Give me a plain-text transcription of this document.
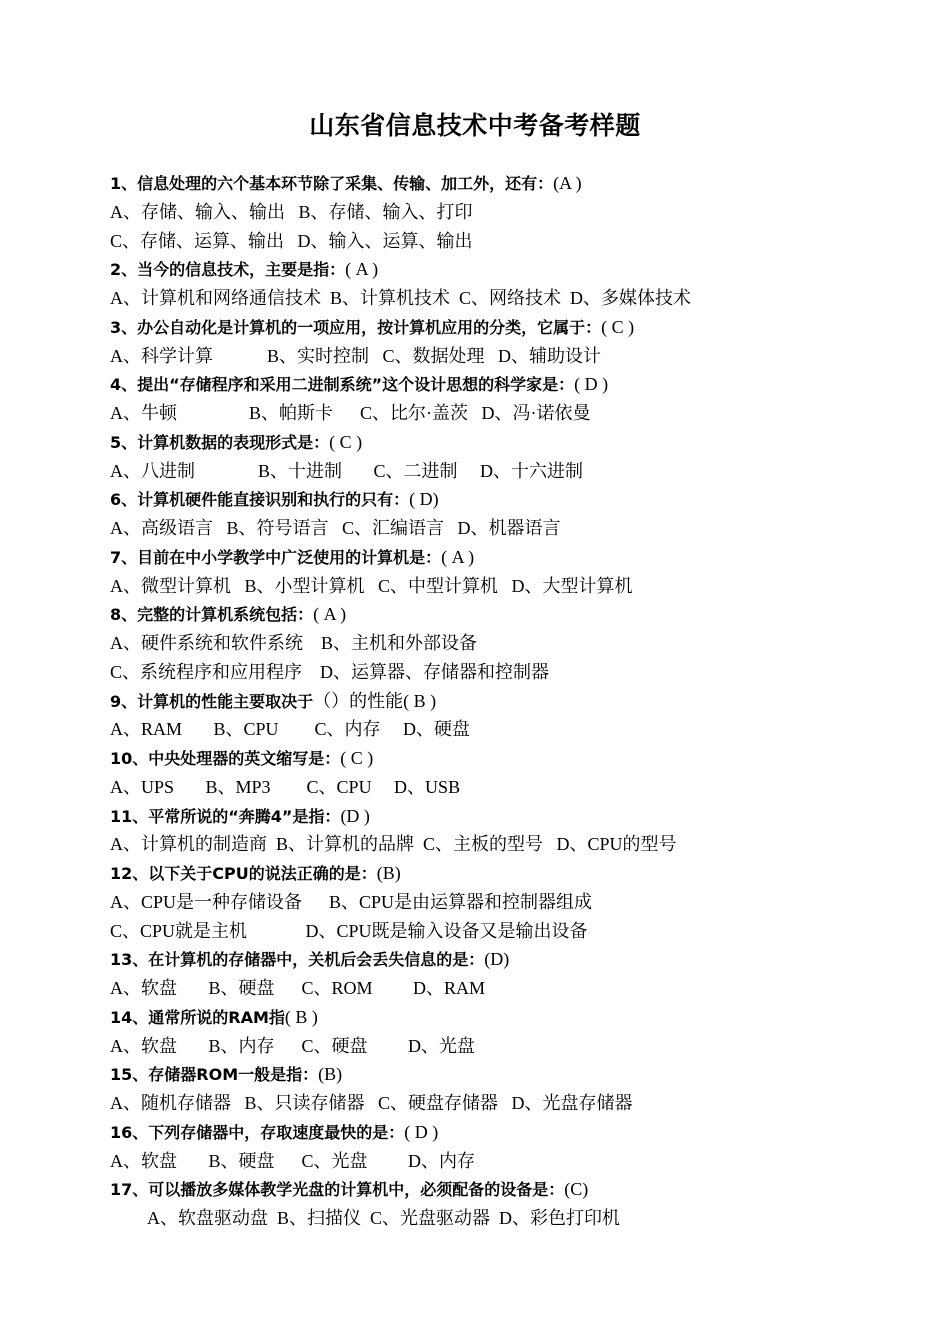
山东省信息技术中考备考样题
1、信息处理的六个基本环节除了采集、传输、加工外，还有：(A )
A、存储、输入、输出   B、存储、输入、打印
C、存储、运算、输出   D、输入、运算、输出
2、当今的信息技术，主要是指：( A )
A、计算机和网络通信技术  B、计算机技术  C、网络技术  D、多媒体技术
3、办公自动化是计算机的一项应用，按计算机应用的分类，它属于：( C )
A、科学计算            B、实时控制   C、数据处理   D、辅助设计
4、提出“存储程序和采用二进制系统”这个设计思想的科学家是：( D )
A、牛顿                B、帕斯卡      C、比尔·盖茨   D、冯·诺依曼
5、计算机数据的表现形式是：( C )
A、八进制              B、十进制       C、二进制     D、十六进制
6、计算机硬件能直接识别和执行的只有：( D)
A、高级语言   B、符号语言   C、汇编语言   D、机器语言
7、目前在中小学教学中广泛使用的计算机是：( A )
A、微型计算机   B、小型计算机   C、中型计算机   D、大型计算机
8、完整的计算机系统包括：( A )
A、硬件系统和软件系统    B、主机和外部设备
C、系统程序和应用程序    D、运算器、存储器和控制器
9、计算机的性能主要取决于（）的性能( B )
A、RAM       B、CPU        C、内存     D、硬盘
10、中央处理器的英文缩写是：( C )
A、UPS       B、MP3        C、CPU     D、USB
11、平常所说的“奔腾4”是指：(D )
A、计算机的制造商  B、计算机的品牌  C、主板的型号   D、CPU的型号
12、以下关于CPU的说法正确的是：(B)
A、CPU是一种存储设备      B、CPU是由运算器和控制器组成
C、CPU就是主机             D、CPU既是输入设备又是输出设备
13、在计算机的存储器中，关机后会丢失信息的是：(D)
A、软盘       B、硬盘      C、ROM         D、RAM
14、通常所说的RAM指( B )
A、软盘       B、内存      C、硬盘         D、光盘
15、存储器ROM一般是指：(B)
A、随机存储器   B、只读存储器   C、硬盘存储器   D、光盘存储器
16、下列存储器中，存取速度最快的是：( D )
A、软盘       B、硬盘      C、光盘         D、内存
17、可以播放多媒体教学光盘的计算机中，必须配备的设备是：(C)
A、软盘驱动盘  B、扫描仪  C、光盘驱动器  D、彩色打印机
